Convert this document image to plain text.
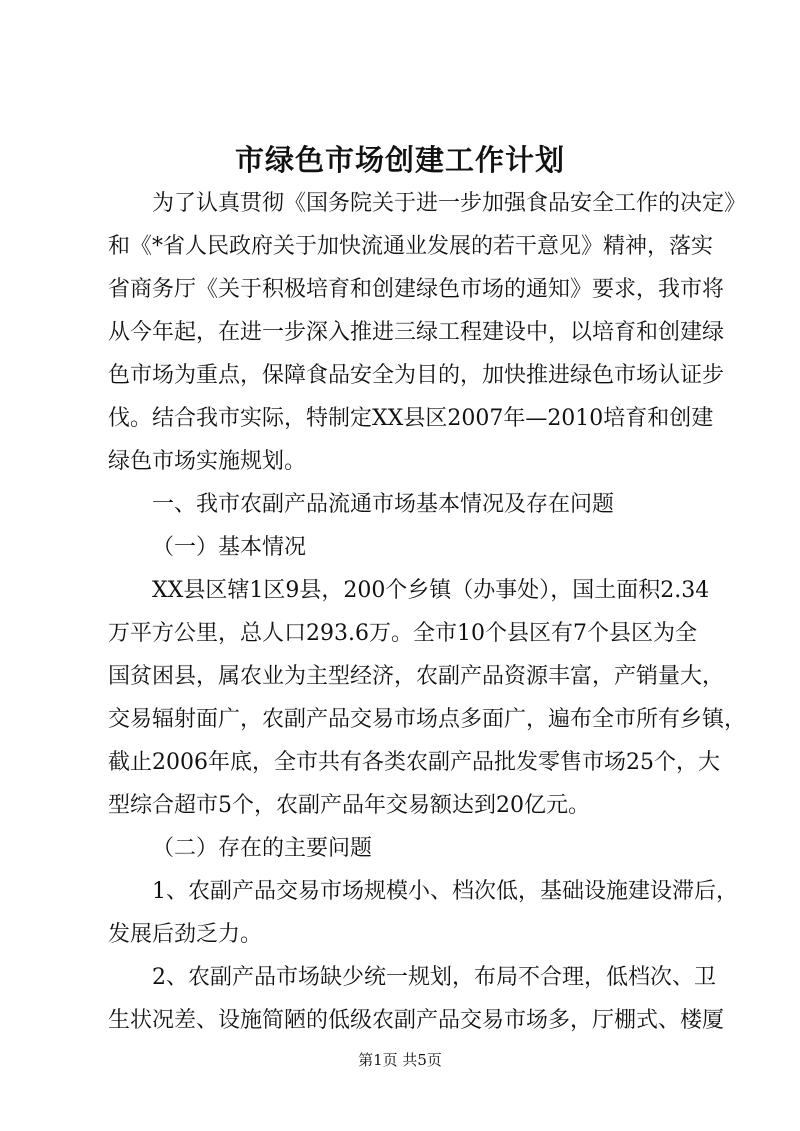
市绿色市场创建工作计划

为了认真贯彻《国务院关于进一步加强食品安全工作的决定》

和《*省人民政府关于加快流通业发展的若干意见》精神，落实

省商务厅《关于积极培育和创建绿色市场的通知》要求，我市将

从今年起，在进一步深入推进三绿工程建设中，以培育和创建绿

色市场为重点，保障食品安全为目的，加快推进绿色市场认证步

伐。结合我市实际，特制定XX县区2007年—2010培育和创建

绿色市场实施规划。

一、我市农副产品流通市场基本情况及存在问题

（一）基本情况

XX县区辖1区9县，200个乡镇（办事处），国土面积2.34

万平方公里，总人口293.6万。全市10个县区有7个县区为全

国贫困县，属农业为主型经济，农副产品资源丰富，产销量大，

交易辐射面广，农副产品交易市场点多面广，遍布全市所有乡镇，

截止2006年底，全市共有各类农副产品批发零售市场25个，大

型综合超市5个，农副产品年交易额达到20亿元。

（二）存在的主要问题

1、农副产品交易市场规模小、档次低，基础设施建设滞后，

发展后劲乏力。

2、农副产品市场缺少统一规划，布局不合理，低档次、卫

生状况差、设施简陋的低级农副产品交易市场多，厅棚式、楼厦

第1页 共5页
